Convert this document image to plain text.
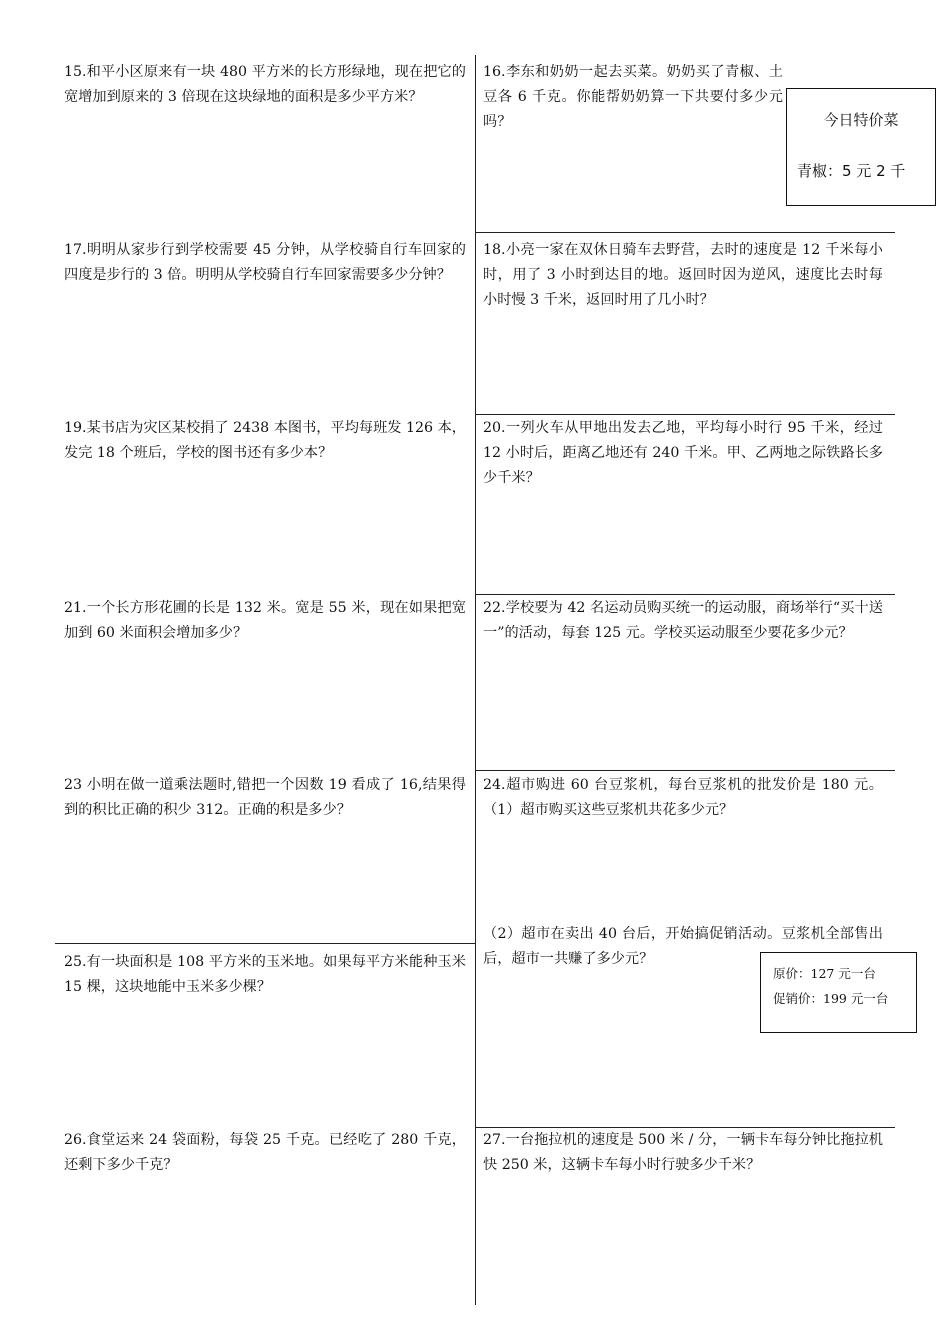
15.和平小区原来有一块 480 平方米的长方形绿地，现在把它的宽增加到原来的 3 倍现在这块绿地的面积是多少平方米？
16.李东和奶奶一起去买菜。奶奶买了青椒、土豆各 6 千克。你能帮奶奶算一下共要付多少元吗？	今日特价菜
青椒：5 元 2 千
17.明明从家步行到学校需要 45 分钟，从学校骑自行车回家的四度是步行的 3 倍。明明从学校骑自行车回家需要多少分钟？
18.小亮一家在双休日骑车去野营，去时的速度是 12 千米每小时，用了 3 小时到达目的地。返回时因为逆风，速度比去时每小时慢 3 千米，返回时用了几小时？
19.某书店为灾区某校捐了 2438 本图书，平均每班发 126 本，发完 18 个班后，学校的图书还有多少本？
20.一列火车从甲地出发去乙地，平均每小时行 95 千米，经过 12 小时后，距离乙地还有 240 千米。甲、乙两地之际铁路长多少千米？
21.一个长方形花圃的长是 132 米。宽是 55 米，现在如果把宽加到 60 米面积会增加多少？
22.学校要为 42 名运动员购买统一的运动服，商场举行“买十送一”的活动，每套 125 元。学校买运动服至少要花多少元？
23 小明在做一道乘法题时,错把一个因数 19 看成了 16,结果得到的积比正确的积少 312。正确的积是多少？
24.超市购进 60 台豆浆机，每台豆浆机的批发价是 180 元。（1）超市购买这些豆浆机共花多少元？
（2）超市在卖出 40 台后，开始搞促销活动。豆浆机全部售出后，超市一共赚了多少元？
原价：127 元一台
促销价：199 元一台
25.有一块面积是 108 平方米的玉米地。如果每平方米能种玉米 15 棵，这块地能中玉米多少棵？
26.食堂运来 24 袋面粉，每袋 25 千克。已经吃了 280 千克，还剩下多少千克？
27.一台拖拉机的速度是 500 米 / 分，一辆卡车每分钟比拖拉机快 250 米，这辆卡车每小时行驶多少千米？
